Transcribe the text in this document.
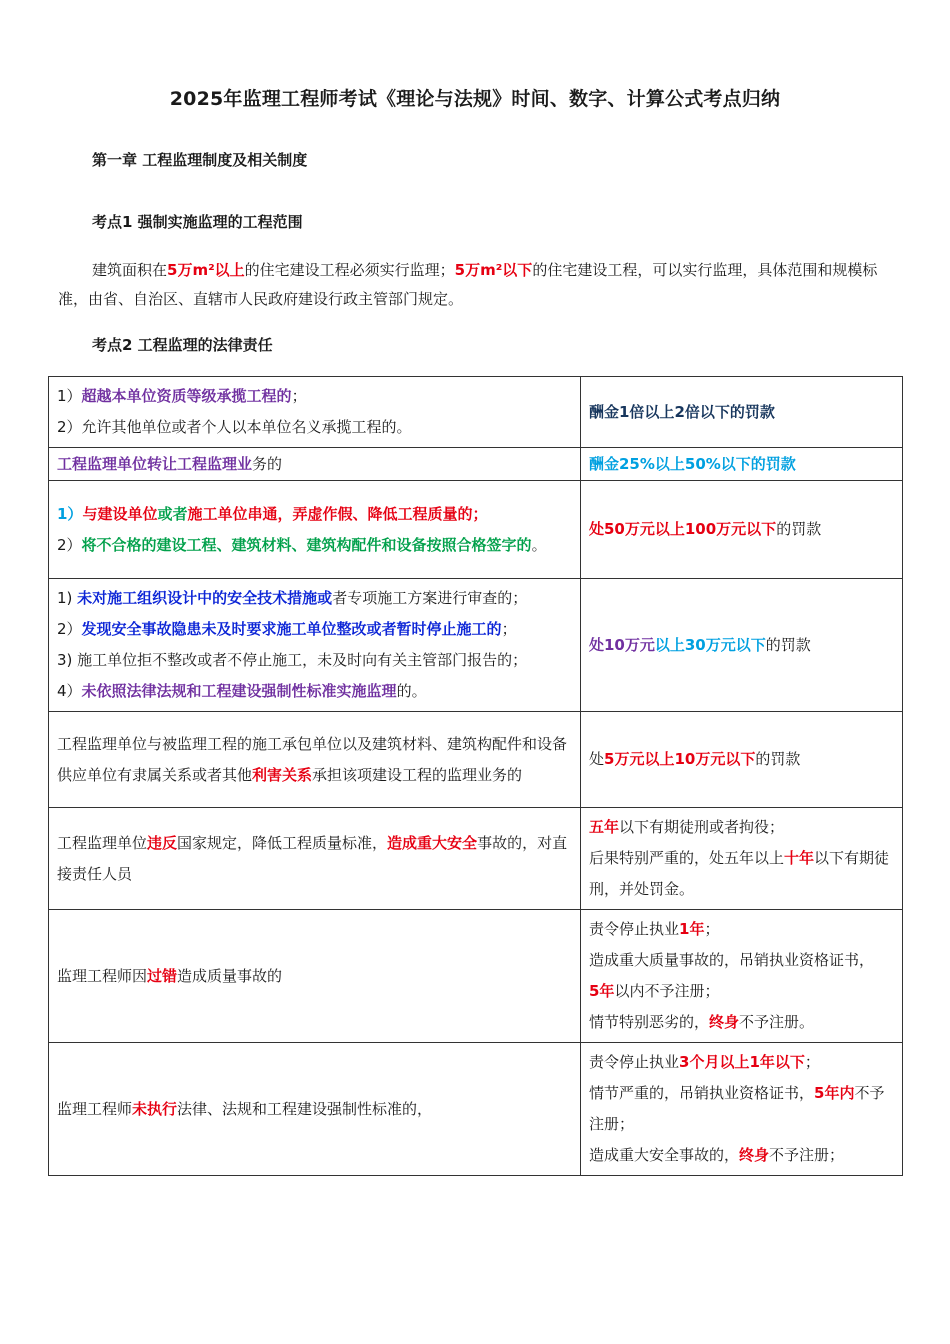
2025年监理工程师考试《理论与法规》时间、数字、计算公式考点归纳
第一章 工程监理制度及相关制度
考点1 强制实施监理的工程范围
建筑面积在5万m²以上的住宅建设工程必须实行监理；5万m²以下的住宅建设工程，可以实行监理，具体范围和规模标准，由省、自治区、直辖市人民政府建设行政主管部门规定。
考点2 工程监理的法律责任
1）超越本单位资质等级承揽工程的；
2）允许其他单位或者个人以本单位名义承揽工程的。	酬金1倍以上2倍以下的罚款
工程监理单位转让工程监理业务的	酬金25%以上50%以下的罚款

1）与建设单位或者施工单位串通，弄虚作假、降低工程质量的；
2）将不合格的建设工程、建筑材料、建筑构配件和设备按照合格签字的。	处50万元以上100万元以下的罚款

1) 未对施工组织设计中的安全技术措施或者专项施工方案进行审查的；
2）发现安全事故隐患未及时要求施工单位整改或者暂时停止施工的；
3) 施工单位拒不整改或者不停止施工，未及时向有关主管部门报告的；
4）未依照法律法规和工程建设强制性标准实施监理的。	处10万元以上30万元以下的罚款
工程监理单位与被监理工程的施工承包单位以及建筑材料、建筑构配件和设备供应单位有隶属关系或者其他利害关系承担该项建设工程的监理业务的	处5万元以上10万元以下的罚款
工程监理单位违反国家规定，降低工程质量标准，造成重大安全事故的，对直接责任人员	五年以下有期徒刑或者拘役；
后果特别严重的，处五年以上十年以下有期徒刑，并处罚金。

监理工程师因过错造成质量事故的	责令停止执业1年；
造成重大质量事故的，吊销执业资格证书，
5年以内不予注册；
情节特别恶劣的，终身不予注册。

监理工程师未执行法律、法规和工程建设强制性标准的，	责令停止执业3个月以上1年以下；
情节严重的，吊销执业资格证书，5年内不予注册；
造成重大安全事故的，终身不予注册；
